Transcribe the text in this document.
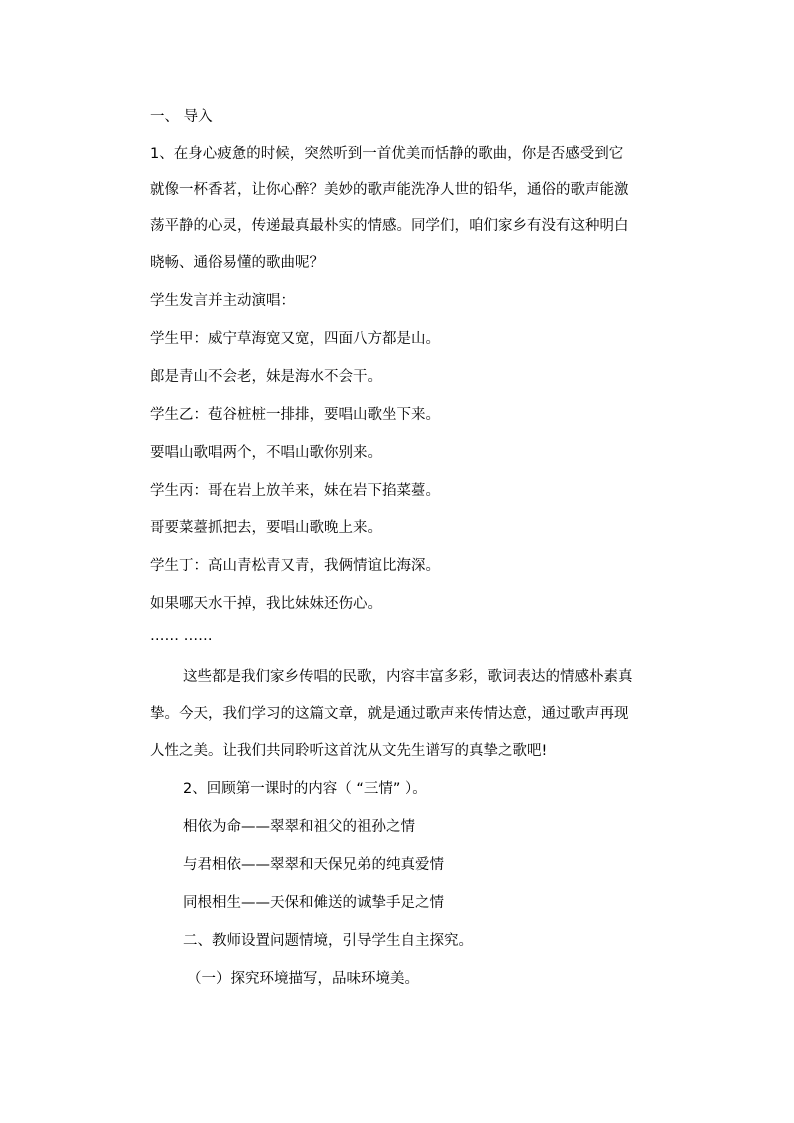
一、 导入
1、在身心疲惫的时候，突然听到一首优美而恬静的歌曲，你是否感受到它
就像一杯香茗，让你心醉？美妙的歌声能洗净人世的铅华，通俗的歌声能激
荡平静的心灵，传递最真最朴实的情感。同学们，咱们家乡有没有这种明白
晓畅、通俗易懂的歌曲呢？
学生发言并主动演唱：
学生甲：威宁草海宽又宽，四面八方都是山。
郎是青山不会老，妹是海水不会干。
学生乙：苞谷桩桩一排排，要唱山歌坐下来。
要唱山歌唱两个，不唱山歌你别来。
学生丙：哥在岩上放羊来，妹在岩下掐菜薹。
哥要菜薹抓把去，要唱山歌晚上来。
学生丁：高山青松青又青，我俩情谊比海深。
如果哪天水干掉，我比妹妹还伤心。
…… ……
这些都是我们家乡传唱的民歌，内容丰富多彩，歌词表达的情感朴素真
挚。今天，我们学习的这篇文章，就是通过歌声来传情达意，通过歌声再现
人性之美。让我们共同聆听这首沈从文先生谱写的真挚之歌吧!
2、回顾第一课时的内容（ “三情” ）。
相依为命——翠翠和祖父的祖孙之情
与君相依——翠翠和天保兄弟的纯真爱情
同根相生——天保和傩送的诚挚手足之情
二、教师设置问题情境，引导学生自主探究。
（一）探究环境描写，品味环境美。
